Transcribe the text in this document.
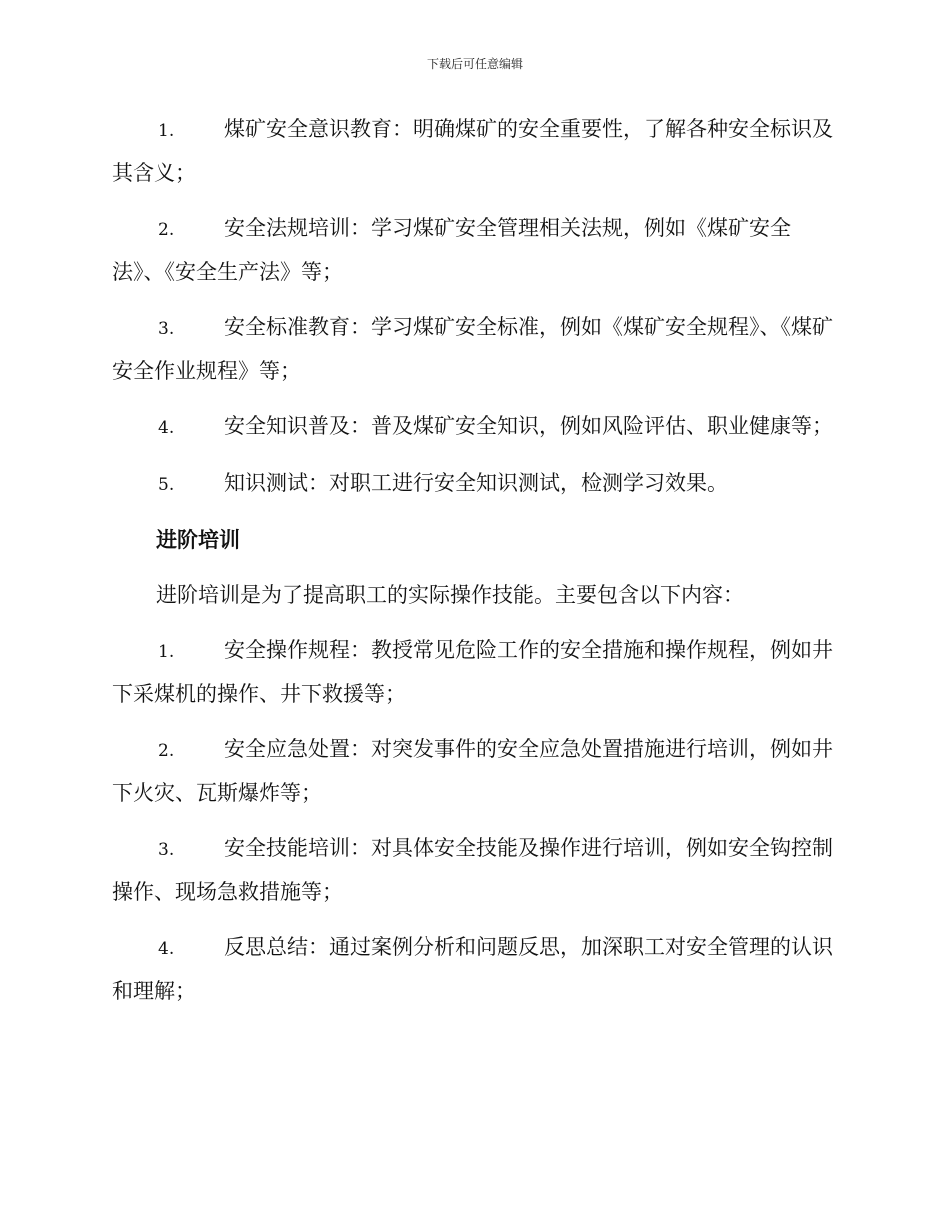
下载后可任意编辑

1. 煤矿安全意识教育：明确煤矿的安全重要性，了解各种安全标识及其含义；

2. 安全法规培训：学习煤矿安全管理相关法规，例如《煤矿安全法》、《安全生产法》等；

3. 安全标准教育：学习煤矿安全标准，例如《煤矿安全规程》、《煤矿安全作业规程》等；

4. 安全知识普及：普及煤矿安全知识，例如风险评估、职业健康等；

5. 知识测试：对职工进行安全知识测试，检测学习效果。

进阶培训

进阶培训是为了提高职工的实际操作技能。主要包含以下内容：

1. 安全操作规程：教授常见危险工作的安全措施和操作规程，例如井下采煤机的操作、井下救援等；

2. 安全应急处置：对突发事件的安全应急处置措施进行培训，例如井下火灾、瓦斯爆炸等；

3. 安全技能培训：对具体安全技能及操作进行培训，例如安全钩控制操作、现场急救措施等；

4. 反思总结：通过案例分析和问题反思，加深职工对安全管理的认识和理解；
